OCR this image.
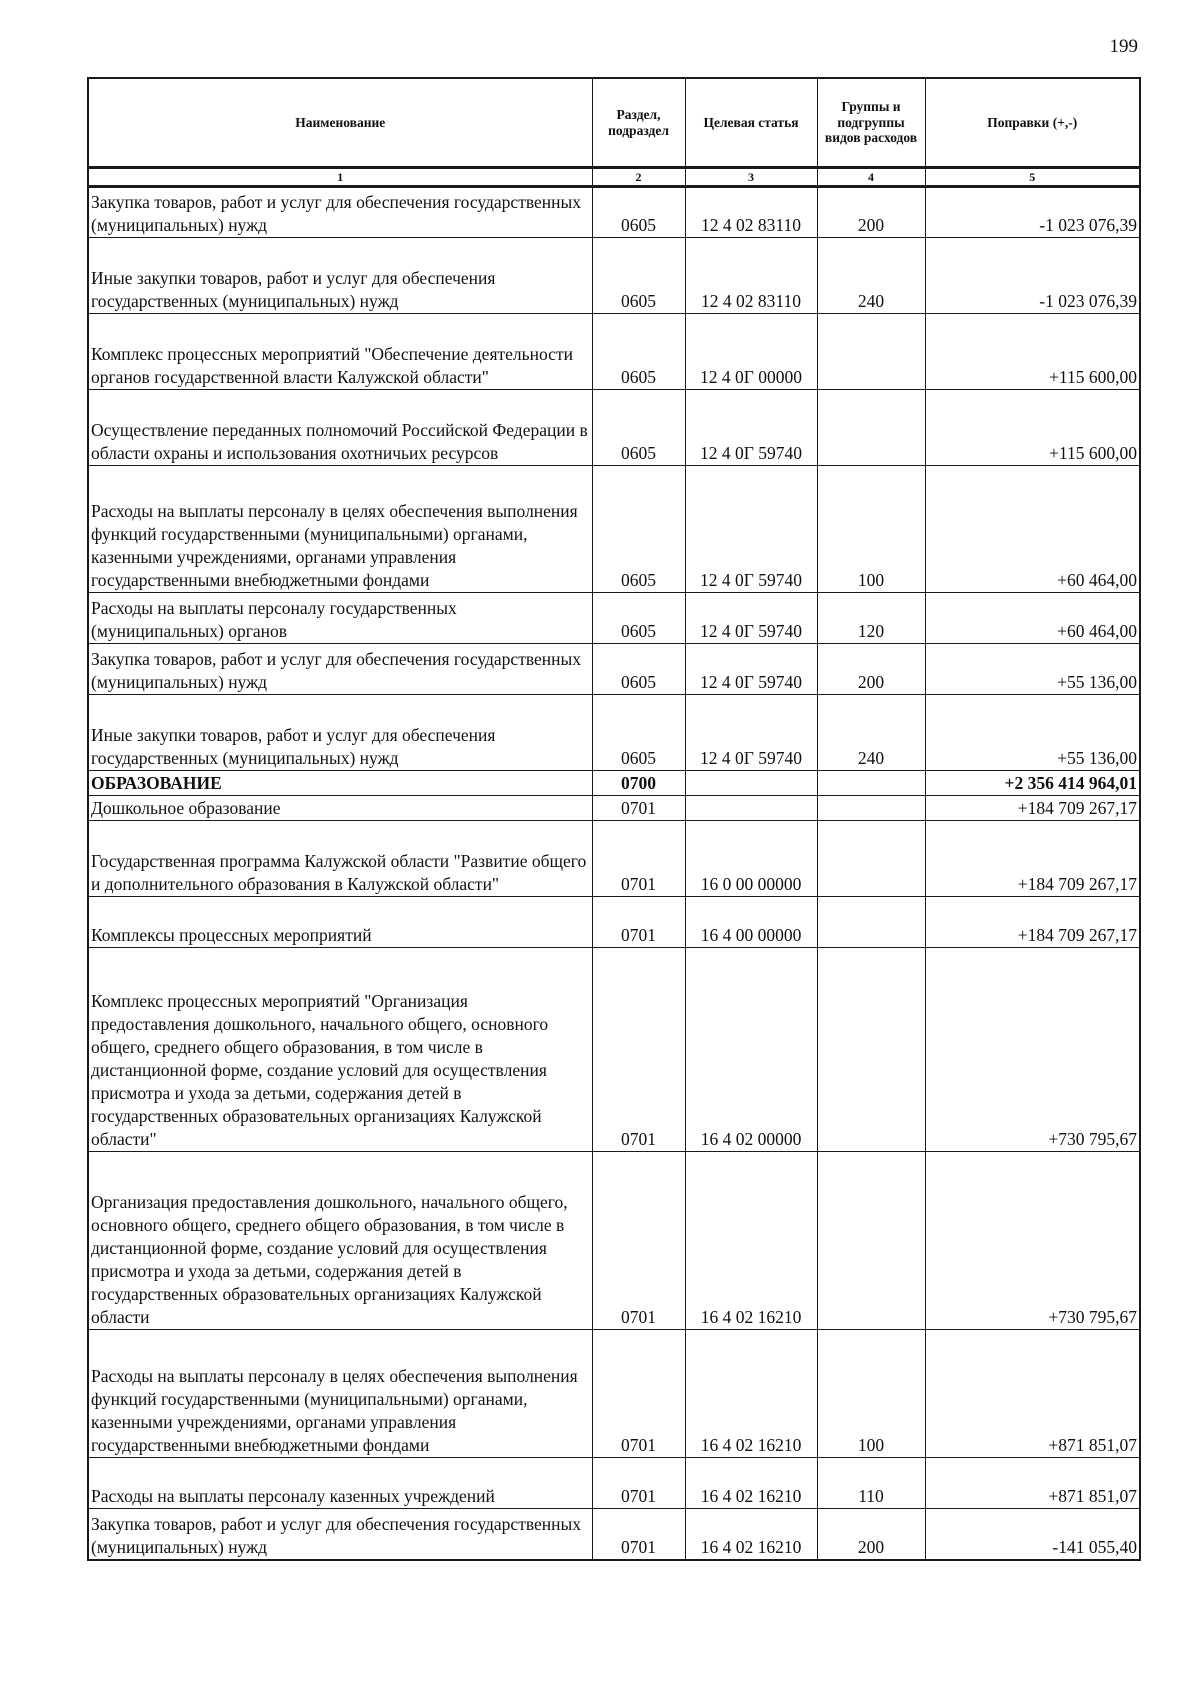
199
Наименование	Раздел, подраздел	Целевая статья	Группы и подгруппы видов расходов	Поправки (+,-)
1	2	3	4	5
Закупка товаров, работ и услуг для обеспечения государственных (муниципальных) нужд	0605	12 4 02 83110	200	-1 023 076,39
Иные закупки товаров, работ и услуг для обеспечения государственных (муниципальных) нужд	0605	12 4 02 83110	240	-1 023 076,39
Комплекс процессных мероприятий "Обеспечение деятельности органов государственной власти Калужской области"	0605	12 4 0Г 00000		+115 600,00
Осуществление переданных полномочий Российской Федерации в области охраны и использования охотничьих ресурсов	0605	12 4 0Г 59740		+115 600,00
Расходы на выплаты персоналу в целях обеспечения выполнения функций государственными (муниципальными) органами, казенными учреждениями, органами управления государственными внебюджетными фондами	0605	12 4 0Г 59740	100	+60 464,00
Расходы на выплаты персоналу государственных (муниципальных) органов	0605	12 4 0Г 59740	120	+60 464,00
Закупка товаров, работ и услуг для обеспечения государственных (муниципальных) нужд	0605	12 4 0Г 59740	200	+55 136,00
Иные закупки товаров, работ и услуг для обеспечения государственных (муниципальных) нужд	0605	12 4 0Г 59740	240	+55 136,00
ОБРАЗОВАНИЕ	0700			+2 356 414 964,01
Дошкольное образование	0701			+184 709 267,17
Государственная программа Калужской области "Развитие общего и дополнительного образования в Калужской области"	0701	16 0 00 00000		+184 709 267,17
Комплексы процессных мероприятий	0701	16 4 00 00000		+184 709 267,17
Комплекс процессных мероприятий "Организация предоставления дошкольного, начального общего, основного общего, среднего общего образования, в том числе в дистанционной форме, создание условий для осуществления присмотра и ухода за детьми, содержания детей в государственных образовательных организациях Калужской области"	0701	16 4 02 00000		+730 795,67
Организация предоставления дошкольного, начального общего, основного общего, среднего общего образования, в том числе в дистанционной форме, создание условий для осуществления присмотра и ухода за детьми, содержания детей в государственных образовательных организациях Калужской области	0701	16 4 02 16210		+730 795,67
Расходы на выплаты персоналу в целях обеспечения выполнения функций государственными (муниципальными) органами, казенными учреждениями, органами управления государственными внебюджетными фондами	0701	16 4 02 16210	100	+871 851,07
Расходы на выплаты персоналу казенных учреждений	0701	16 4 02 16210	110	+871 851,07
Закупка товаров, работ и услуг для обеспечения государственных (муниципальных) нужд	0701	16 4 02 16210	200	-141 055,40
